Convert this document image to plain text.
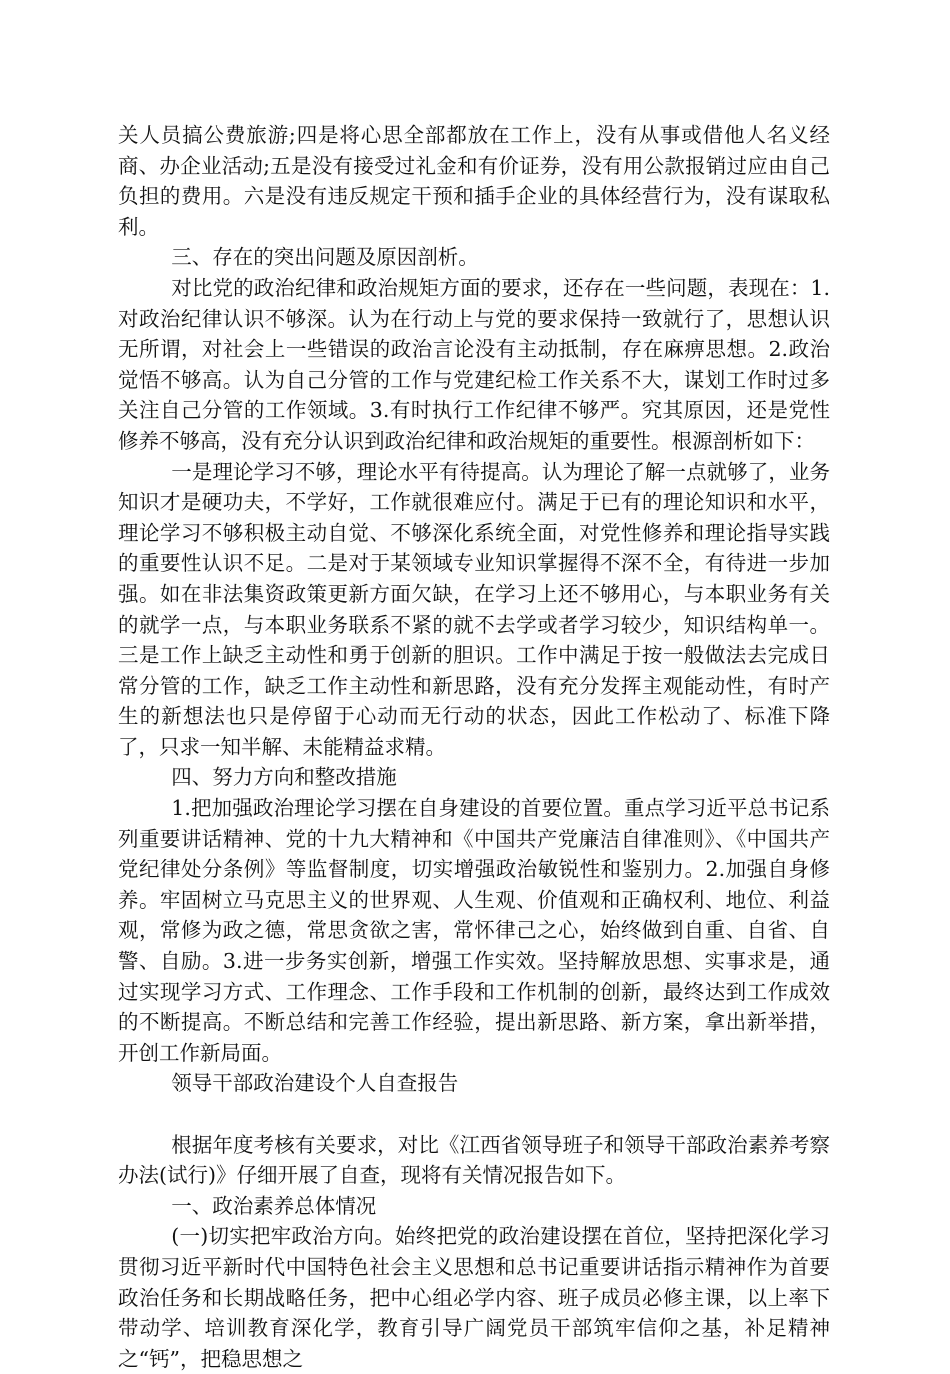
关人员搞公费旅游;四是将心思全部都放在工作上，没有从事或借他人名义经商、办企业活动;五是没有接受过礼金和有价证券，没有用公款报销过应由自己负担的费用。六是没有违反规定干预和插手企业的具体经营行为，没有谋取私利。

三、存在的突出问题及原因剖析。

对比党的政治纪律和政治规矩方面的要求，还存在一些问题，表现在：1.对政治纪律认识不够深。认为在行动上与党的要求保持一致就行了，思想认识无所谓，对社会上一些错误的政治言论没有主动抵制，存在麻痹思想。2.政治觉悟不够高。认为自己分管的工作与党建纪检工作关系不大，谋划工作时过多关注自己分管的工作领域。3.有时执行工作纪律不够严。究其原因，还是党性修养不够高，没有充分认识到政治纪律和政治规矩的重要性。根源剖析如下：

一是理论学习不够，理论水平有待提高。认为理论了解一点就够了，业务知识才是硬功夫，不学好，工作就很难应付。满足于已有的理论知识和水平，理论学习不够积极主动自觉、不够深化系统全面，对党性修养和理论指导实践的重要性认识不足。二是对于某领域专业知识掌握得不深不全，有待进一步加强。如在非法集资政策更新方面欠缺，在学习上还不够用心，与本职业务有关的就学一点，与本职业务联系不紧的就不去学或者学习较少，知识结构单一。三是工作上缺乏主动性和勇于创新的胆识。工作中满足于按一般做法去完成日常分管的工作，缺乏工作主动性和新思路，没有充分发挥主观能动性，有时产生的新想法也只是停留于心动而无行动的状态，因此工作松动了、标准下降了，只求一知半解、未能精益求精。

四、努力方向和整改措施

1.把加强政治理论学习摆在自身建设的首要位置。重点学习近平总书记系列重要讲话精神、党的十九大精神和《中国共产党廉洁自律准则》、《中国共产党纪律处分条例》等监督制度，切实增强政治敏锐性和鉴别力。2.加强自身修养。牢固树立马克思主义的世界观、人生观、价值观和正确权利、地位、利益观，常修为政之德，常思贪欲之害，常怀律己之心，始终做到自重、自省、自警、自励。3.进一步务实创新，增强工作实效。坚持解放思想、实事求是，通过实现学习方式、工作理念、工作手段和工作机制的创新，最终达到工作成效的不断提高。不断总结和完善工作经验，提出新思路、新方案，拿出新举措，开创工作新局面。

领导干部政治建设个人自查报告

根据年度考核有关要求，对比《江西省领导班子和领导干部政治素养考察办法(试行)》仔细开展了自查，现将有关情况报告如下。

一、政治素养总体情况

(一)切实把牢政治方向。始终把党的政治建设摆在首位，坚持把深化学习贯彻习近平新时代中国特色社会主义思想和总书记重要讲话指示精神作为首要政治任务和长期战略任务，把中心组必学内容、班子成员必修主课，以上率下带动学、培训教育深化学，教育引导广阔党员干部筑牢信仰之基，补足精神之“钙”，把稳思想之
